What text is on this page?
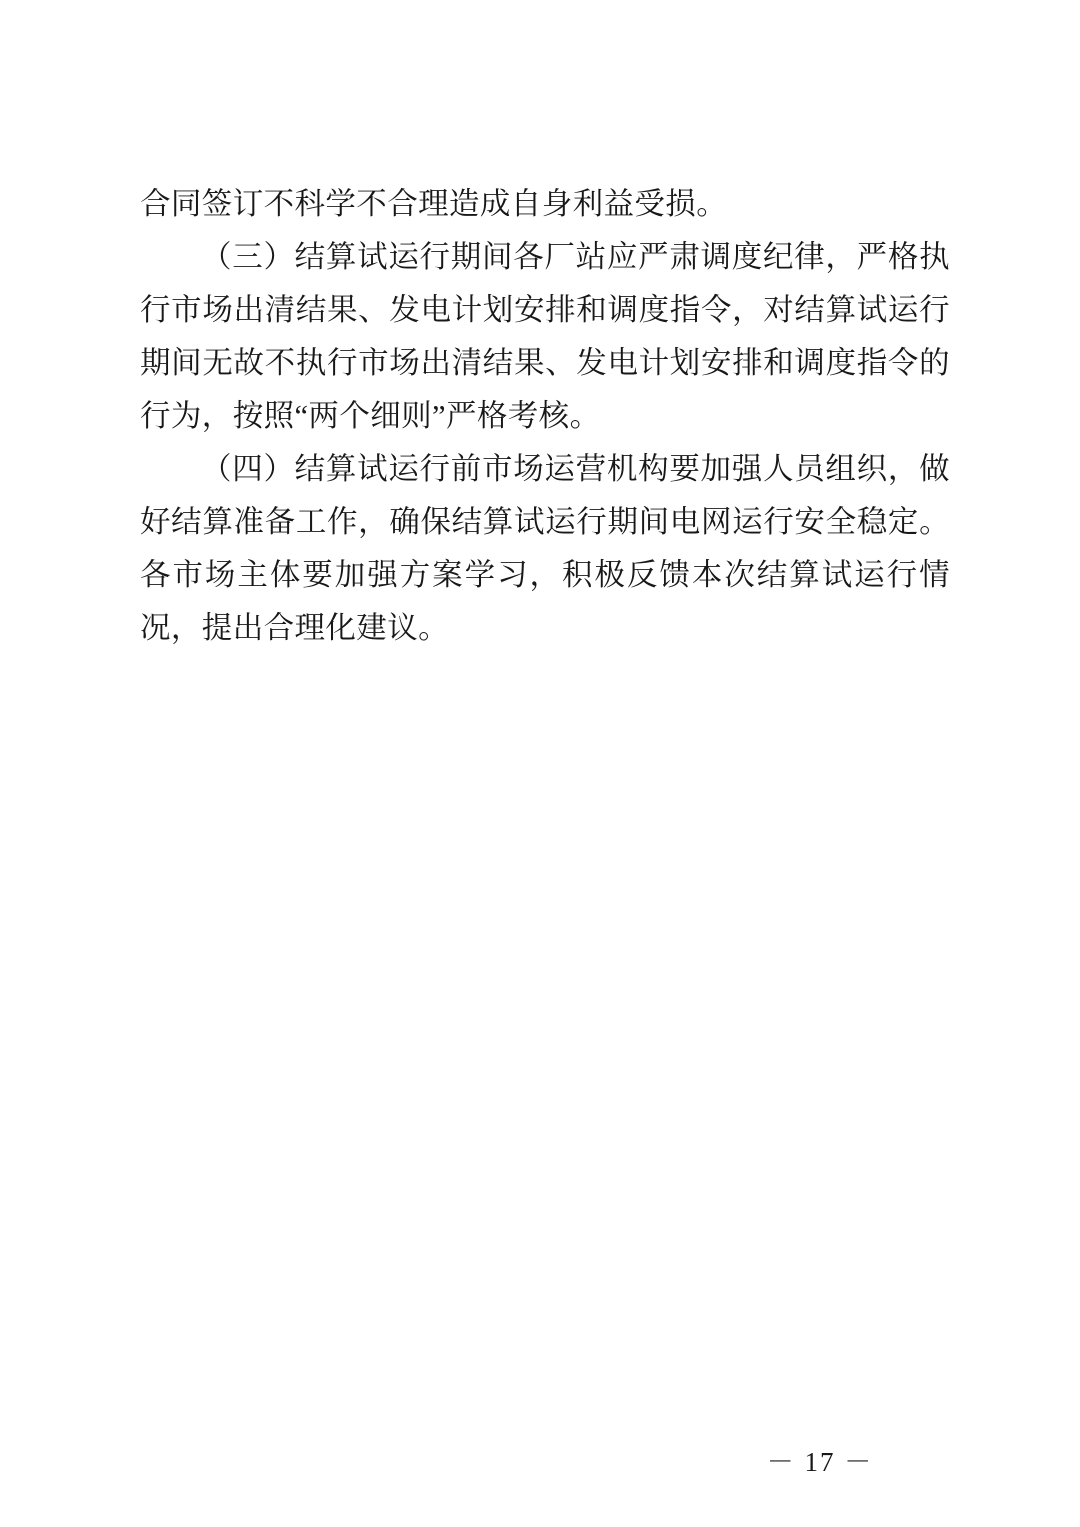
合同签订不科学不合理造成自身利益受损。

（三）结算试运行期间各厂站应严肃调度纪律，严格执行市场出清结果、发电计划安排和调度指令，对结算试运行期间无故不执行市场出清结果、发电计划安排和调度指令的行为，按照“两个细则”严格考核。

（四）结算试运行前市场运营机构要加强人员组织，做好结算准备工作，确保结算试运行期间电网运行安全稳定。各市场主体要加强方案学习，积极反馈本次结算试运行情况，提出合理化建议。

－ 17 －
